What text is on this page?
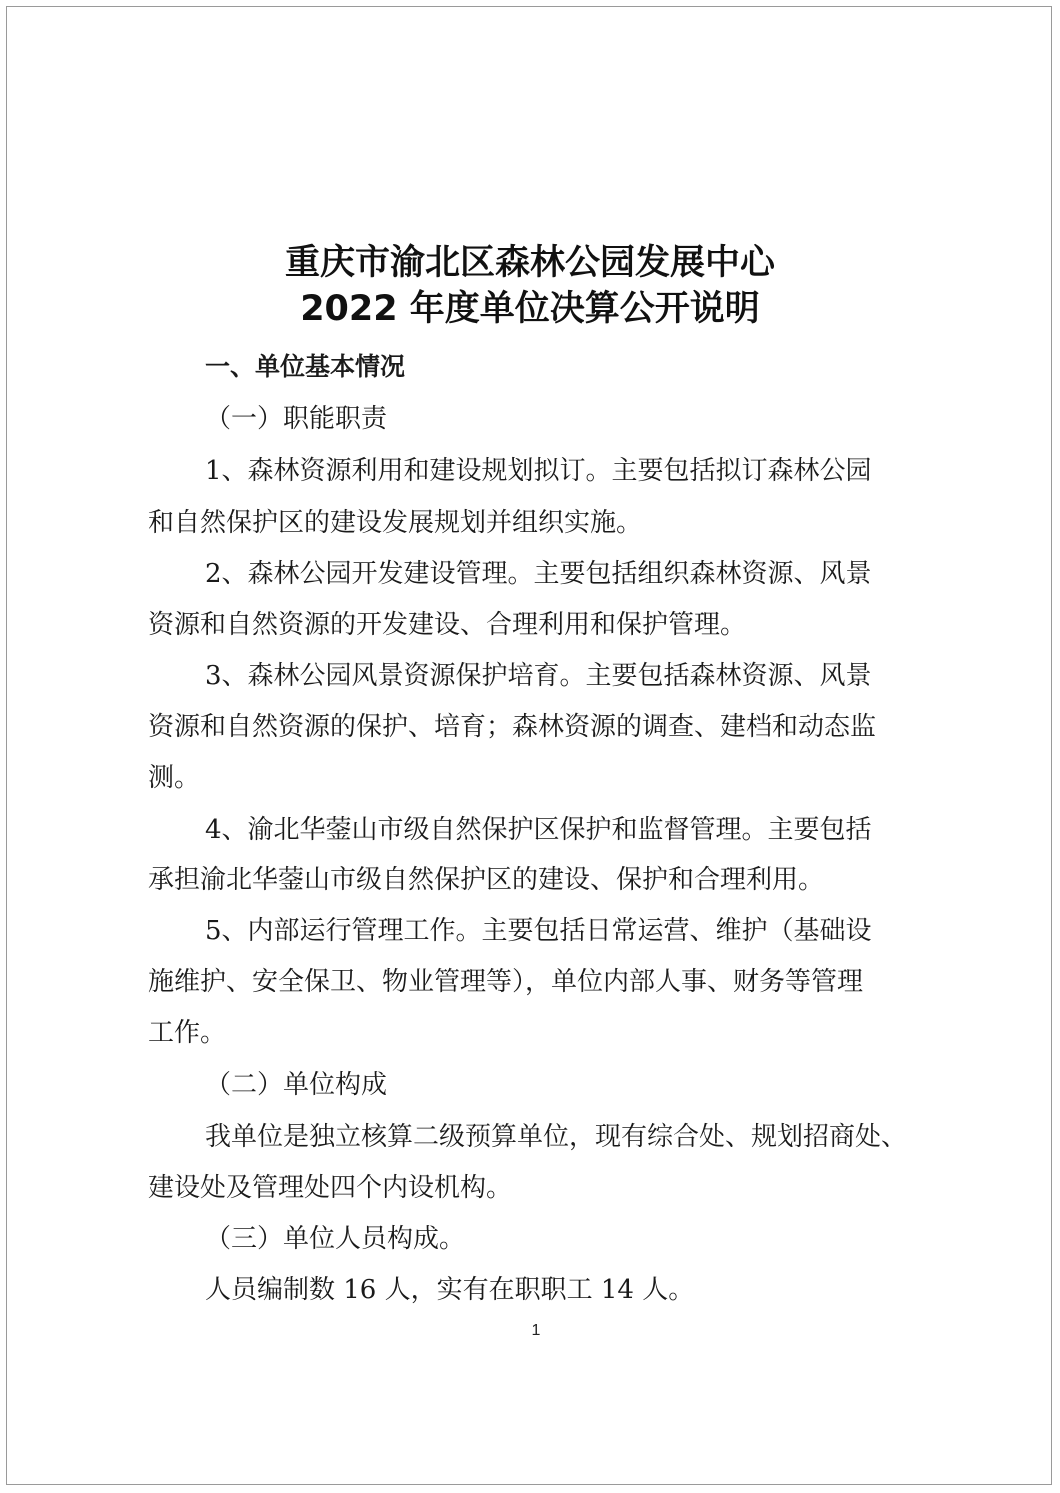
重庆市渝北区森林公园发展中心
2022 年度单位决算公开说明
一、单位基本情况
（一）职能职责
1、森林资源利用和建设规划拟订。主要包括拟订森林公园
和自然保护区的建设发展规划并组织实施。
2、森林公园开发建设管理。主要包括组织森林资源、风景
资源和自然资源的开发建设、合理利用和保护管理。
3、森林公园风景资源保护培育。主要包括森林资源、风景
资源和自然资源的保护、培育；森林资源的调查、建档和动态监
测。
4、渝北华蓥山市级自然保护区保护和监督管理。主要包括
承担渝北华蓥山市级自然保护区的建设、保护和合理利用。
5、内部运行管理工作。主要包括日常运营、维护（基础设
施维护、安全保卫、物业管理等），单位内部人事、财务等管理
工作。
（二）单位构成
我单位是独立核算二级预算单位，现有综合处、规划招商处、
建设处及管理处四个内设机构。
（三）单位人员构成。
人员编制数 16 人，实有在职职工 14 人。
1
